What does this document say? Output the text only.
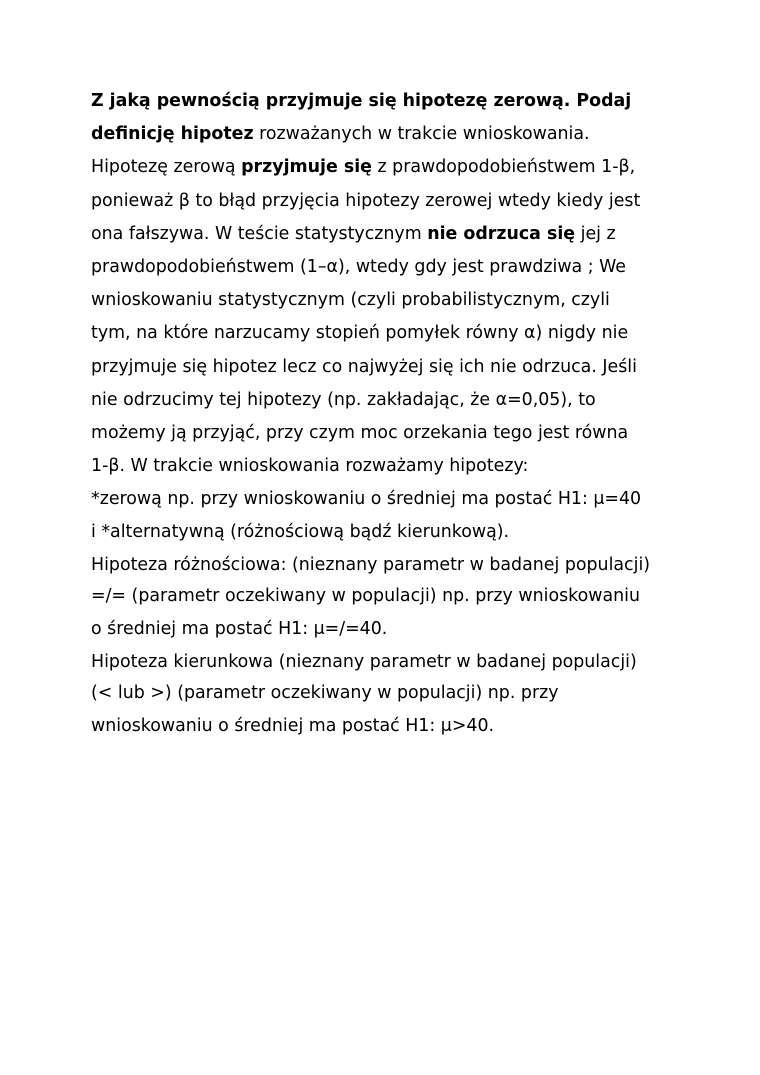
Z jaką pewnością przyjmuje się hipotezę zerową. Podaj
definicję hipotez rozważanych w trakcie wnioskowania.
Hipotezę zerową przyjmuje się z prawdopodobieństwem 1-β,
ponieważ β to błąd przyjęcia hipotezy zerowej wtedy kiedy jest
ona fałszywa. W teście statystycznym nie odrzuca się jej z
prawdopodobieństwem (1–α), wtedy gdy jest prawdziwa ; We
wnioskowaniu statystycznym (czyli probabilistycznym, czyli
tym, na które narzucamy stopień pomyłek równy α) nigdy nie
przyjmuje się hipotez lecz co najwyżej się ich nie odrzuca. Jeśli
nie odrzucimy tej hipotezy (np. zakładając, że α=0,05), to
możemy ją przyjąć, przy czym moc orzekania tego jest równa
1-β. W trakcie wnioskowania rozważamy hipotezy:
*zerową np. przy wnioskowaniu o średniej ma postać H1: μ=40
i *alternatywną (różnościową bądź kierunkową).
Hipoteza różnościowa: (nieznany parametr w badanej populacji)
=/= (parametr oczekiwany w populacji) np. przy wnioskowaniu
o średniej ma postać H1: μ=/=40.
Hipoteza kierunkowa (nieznany parametr w badanej populacji)
(< lub >) (parametr oczekiwany w populacji) np. przy
wnioskowaniu o średniej ma postać H1: μ>40.
